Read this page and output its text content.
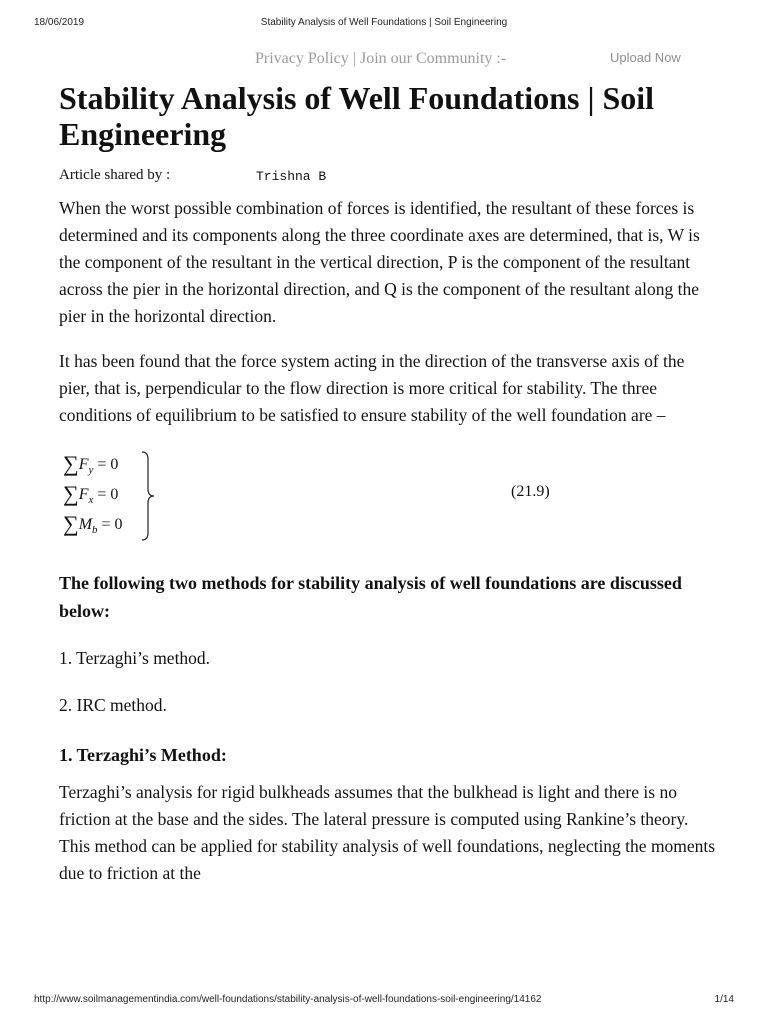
18/06/2019	Stability Analysis of Well Foundations | Soil Engineering
Privacy Policy | Join our Community :-	Upload Now
Stability Analysis of Well Foundations | Soil Engineering
Article shared by :	Trishna B

When the worst possible combination of forces is identified, the resultant of these forces is determined and its components along the three coordinate axes are determined, that is, W is the component of the resultant in the vertical direction, P is the component of the resultant across the pier in the horizontal direction, and Q is the component of the resultant along the pier in the horizontal direction.

It has been found that the force system acting in the direction of the transverse axis of the pier, that is, perpendicular to the flow direction is more critical for stability. The three conditions of equilibrium to be satisfied to ensure stability of the well foundation are –

$\sum F_y = 0$
$\sum F_x = 0$
$\sum M_b = 0$
(21.9)
The following two methods for stability analysis of well foundations are discussed below:

1. Terzaghi’s method.

2. IRC method.

1. Terzaghi’s Method:

Terzaghi’s analysis for rigid bulkheads assumes that the bulkhead is light and there is no friction at the base and the sides. The lateral pressure is computed using Rankine’s theory. This method can be applied for stability analysis of well foundations, neglecting the moments due to friction at the

http://www.soilmanagementindia.com/well-foundations/stability-analysis-of-well-foundations-soil-engineering/14162	1/14
